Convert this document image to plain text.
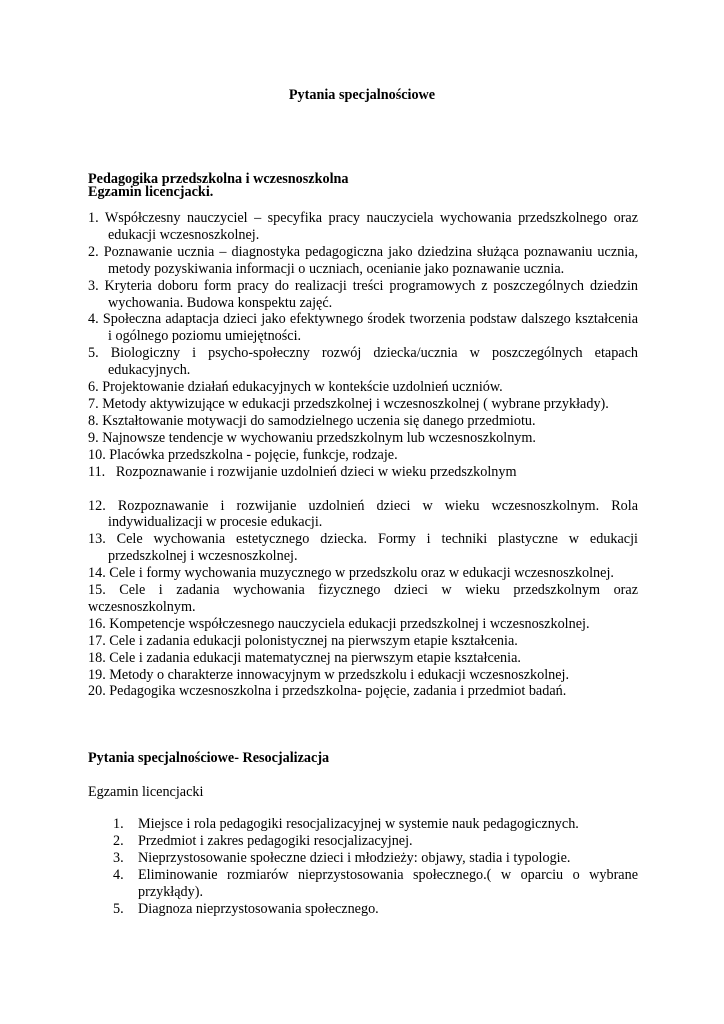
Pytania specjalnościowe
Pedagogika przedszkolna i wczesnoszkolna
Egzamin licencjacki.
1. Współczesny nauczyciel – specyfika pracy nauczyciela wychowania przedszkolnego oraz edukacji wczesnoszkolnej.
2. Poznawanie ucznia – diagnostyka pedagogiczna jako dziedzina służąca poznawaniu ucznia, metody pozyskiwania informacji o uczniach, ocenianie jako poznawanie ucznia.
3. Kryteria doboru form pracy do realizacji treści programowych z poszczególnych dziedzin wychowania. Budowa konspektu zajęć.
4. Społeczna adaptacja dzieci jako efektywnego środek tworzenia podstaw dalszego kształcenia i ogólnego poziomu umiejętności.
5. Biologiczny i psycho-społeczny rozwój dziecka/ucznia w poszczególnych etapach edukacyjnych.
6. Projektowanie działań edukacyjnych w kontekście uzdolnień uczniów.
7. Metody aktywizujące w edukacji przedszkolnej i wczesnoszkolnej ( wybrane przykłady).
8. Kształtowanie motywacji do samodzielnego uczenia się danego przedmiotu.
9. Najnowsze tendencje w wychowaniu przedszkolnym lub wczesnoszkolnym.
10. Placówka przedszkolna - pojęcie, funkcje, rodzaje.
11.   Rozpoznawanie i rozwijanie uzdolnień dzieci w wieku przedszkolnym
12. Rozpoznawanie i rozwijanie uzdolnień dzieci w wieku wczesnoszkolnym. Rola indywidualizacji w procesie edukacji.
13. Cele wychowania estetycznego dziecka. Formy i techniki plastyczne w edukacji przedszkolnej i wczesnoszkolnej.
14. Cele i formy wychowania muzycznego w przedszkolu oraz w edukacji wczesnoszkolnej.
15. Cele i zadania wychowania fizycznego dzieci w wieku przedszkolnym oraz wczesnoszkolnym.
16. Kompetencje współczesnego nauczyciela edukacji przedszkolnej i wczesnoszkolnej.
17. Cele i zadania edukacji polonistycznej na pierwszym etapie kształcenia.
18. Cele i zadania edukacji matematycznej na pierwszym etapie kształcenia.
19. Metody o charakterze innowacyjnym w przedszkolu i edukacji wczesnoszkolnej.
20. Pedagogika wczesnoszkolna i przedszkolna- pojęcie, zadania i przedmiot badań.
Pytania specjalnościowe- Resocjalizacja
Egzamin licencjacki
1. Miejsce i rola pedagogiki resocjalizacyjnej w systemie nauk pedagogicznych.
2. Przedmiot i zakres pedagogiki resocjalizacyjnej.
3. Nieprzystosowanie społeczne dzieci i młodzieży: objawy, stadia i typologie.
4. Eliminowanie rozmiarów nieprzystosowania społecznego.( w oparciu o wybrane przykłądy).
5. Diagnoza nieprzystosowania społecznego.
